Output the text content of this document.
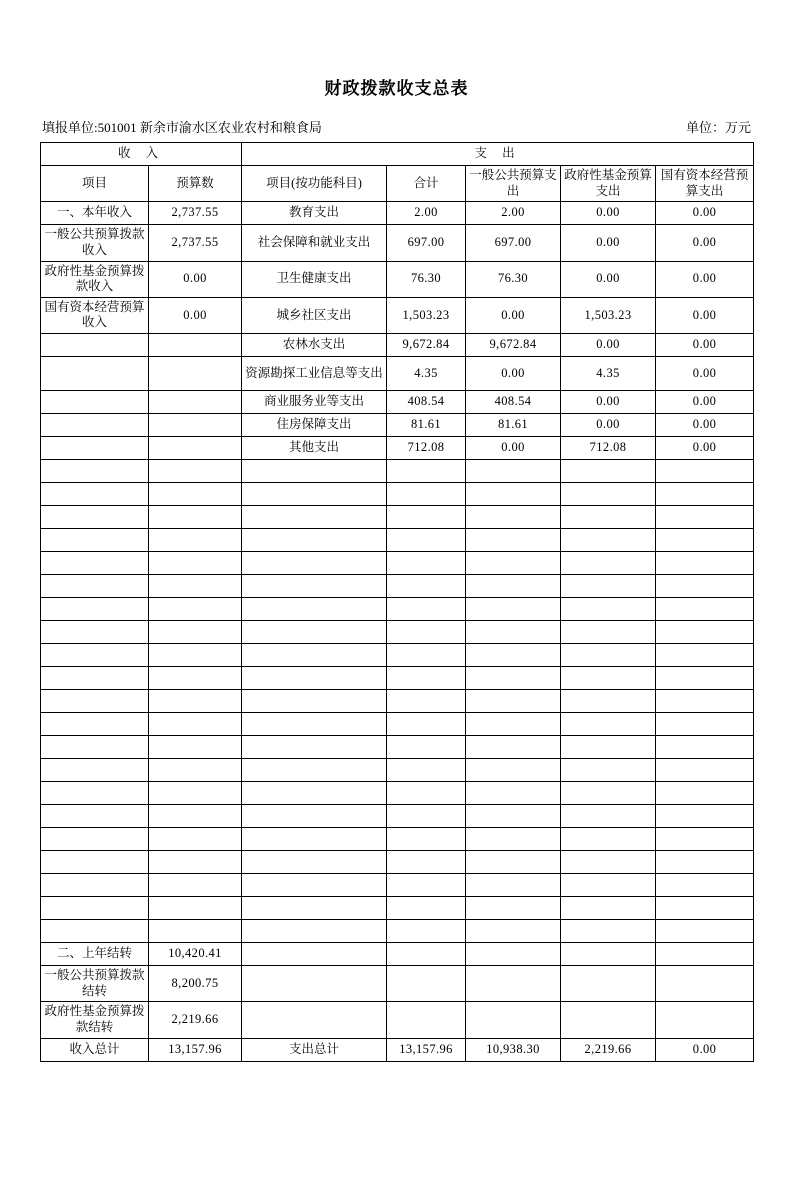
财政拨款收支总表
填报单位:501001 新余市渝水区农业农村和粮食局	单位：万元
收 入		支 出				
项目	预算数	项目(按功能科目)	合计	一般公共预算支出	政府性基金预算支出	国有资本经营预算支出
一、本年收入	2,737.55	教育支出	2.00	2.00	0.00	0.00
一般公共预算拨款收入	2,737.55	社会保障和就业支出	697.00	697.00	0.00	0.00
政府性基金预算拨款收入	0.00	卫生健康支出	76.30	76.30	0.00	0.00
国有资本经营预算收入	0.00	城乡社区支出	1,503.23	0.00	1,503.23	0.00
		农林水支出	9,672.84	9,672.84	0.00	0.00
		资源勘探工业信息等支出	4.35	0.00	4.35	0.00
		商业服务业等支出	408.54	408.54	0.00	0.00
		住房保障支出	81.61	81.61	0.00	0.00
		其他支出	712.08	0.00	712.08	0.00

二、上年结转	10,420.41					
一般公共预算拨款结转	8,200.75					
政府性基金预算拨款结转	2,219.66					
收入总计	13,157.96	支出总计	13,157.96	10,938.30	2,219.66	0.00
